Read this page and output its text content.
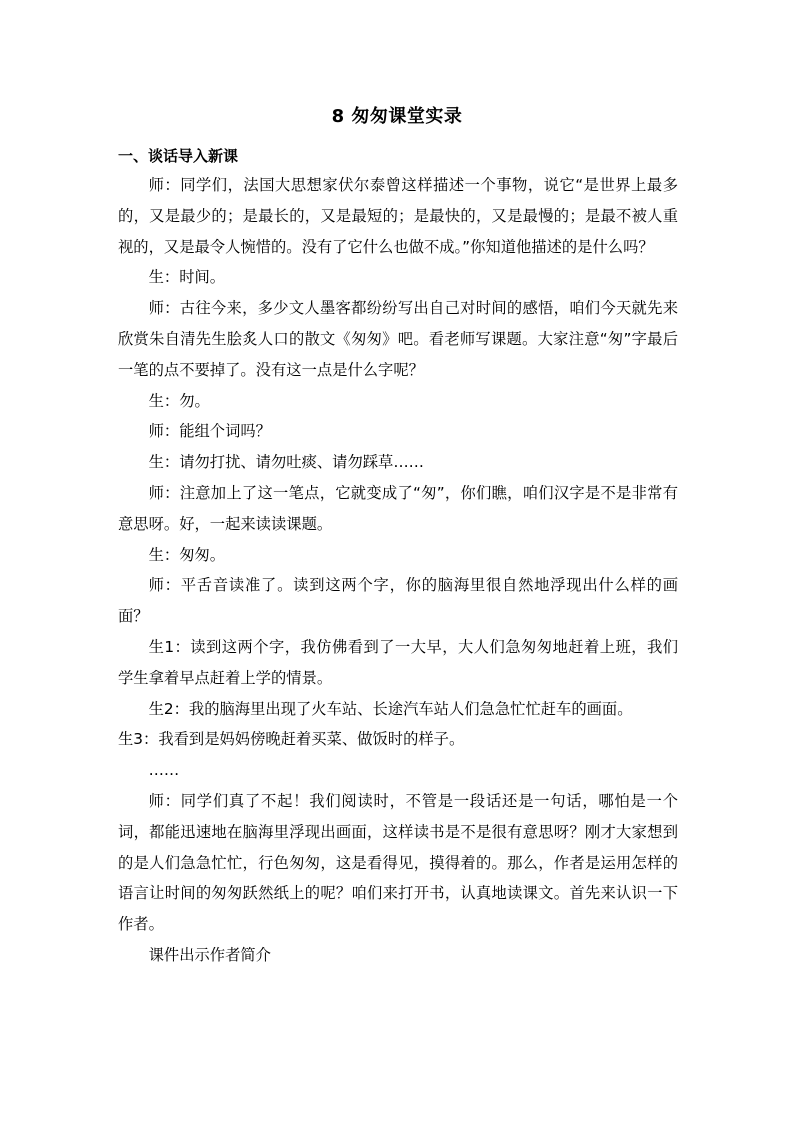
8 匆匆课堂实录
一、谈话导入新课

师：同学们，法国大思想家伏尔泰曾这样描述一个事物，说它“是世界上最多的，又是最少的；是最长的，又是最短的；是最快的，又是最慢的；是最不被人重视的，又是最令人惋惜的。没有了它什么也做不成。”你知道他描述的是什么吗？

生：时间。

师：古往今来，多少文人墨客都纷纷写出自己对时间的感悟，咱们今天就先来欣赏朱自清先生脍炙人口的散文《匆匆》吧。看老师写课题。大家注意“匆”字最后一笔的点不要掉了。没有这一点是什么字呢？

生：勿。

师：能组个词吗？

生：请勿打扰、请勿吐痰、请勿踩草……

师：注意加上了这一笔点，它就变成了“匆”，你们瞧，咱们汉字是不是非常有意思呀。好，一起来读读课题。

生：匆匆。

师：平舌音读准了。读到这两个字，你的脑海里很自然地浮现出什么样的画面？

生1：读到这两个字，我仿佛看到了一大早，大人们急匆匆地赶着上班，我们学生拿着早点赶着上学的情景。

生2：我的脑海里出现了火车站、长途汽车站人们急急忙忙赶车的画面。

生3：我看到是妈妈傍晚赶着买菜、做饭时的样子。

……

师：同学们真了不起！我们阅读时，不管是一段话还是一句话，哪怕是一个词，都能迅速地在脑海里浮现出画面，这样读书是不是很有意思呀？刚才大家想到的是人们急急忙忙，行色匆匆，这是看得见，摸得着的。那么，作者是运用怎样的语言让时间的匆匆跃然纸上的呢？咱们来打开书，认真地读课文。首先来认识一下作者。

课件出示作者简介
